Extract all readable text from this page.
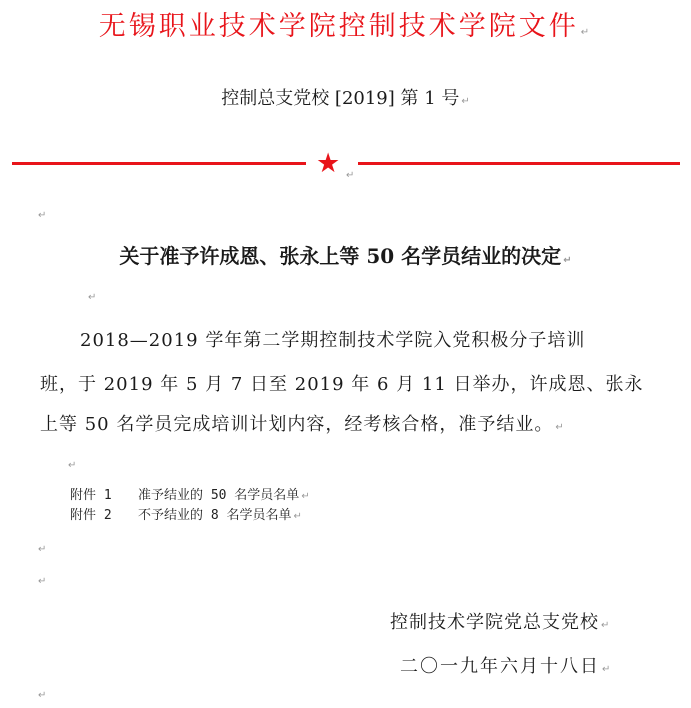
无锡职业技术学院控制技术学院文件 ↵
控制总支党校 [2019] 第 1 号 ↵
★ ↵
↵
关于准予许成恩、张永上等 50 名学员结业的决定 ↵
↵
2018—2019 学年第二学期控制技术学院入党积极分子培训
班，于 2019 年 5 月 7 日至 2019 年 6 月 11 日举办，许成恩、张永
上等 50 名学员完成培训计划内容，经考核合格，准予结业。 ↵
↵
附件 1 准予结业的 50 名学员名单 ↵
附件 2 不予结业的 8 名学员名单 ↵
↵
↵
控制技术学院党总支党校 ↵
二〇一九年六月十八日 ↵
↵
